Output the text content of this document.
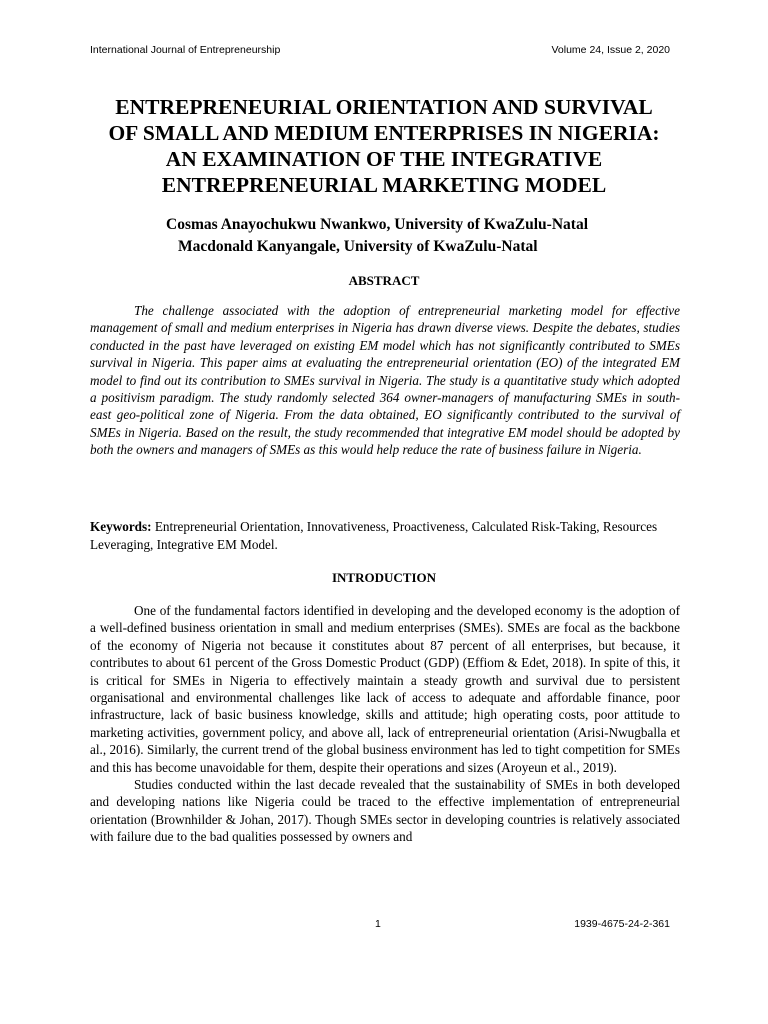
International Journal of Entrepreneurship	Volume 24, Issue 2, 2020
ENTREPRENEURIAL ORIENTATION AND SURVIVAL
OF SMALL AND MEDIUM ENTERPRISES IN NIGERIA:
AN EXAMINATION OF THE INTEGRATIVE
ENTREPRENEURIAL MARKETING MODEL
Cosmas Anayochukwu Nwankwo, University of KwaZulu-Natal
Macdonald Kanyangale, University of KwaZulu-Natal
ABSTRACT

The challenge associated with the adoption of entrepreneurial marketing model for effective management of small and medium enterprises in Nigeria has drawn diverse views. Despite the debates, studies conducted in the past have leveraged on existing EM model which has not significantly contributed to SMEs survival in Nigeria. This paper aims at evaluating the entrepreneurial orientation (EO) of the integrated EM model to find out its contribution to SMEs survival in Nigeria. The study is a quantitative study which adopted a positivism paradigm. The study randomly selected 364 owner-managers of manufacturing SMEs in south-east geo-political zone of Nigeria. From the data obtained, EO significantly contributed to the survival of SMEs in Nigeria. Based on the result, the study recommended that integrative EM model should be adopted by both the owners and managers of SMEs as this would help reduce the rate of business failure in Nigeria.

Keywords: Entrepreneurial Orientation, Innovativeness, Proactiveness, Calculated Risk-Taking, Resources Leveraging, Integrative EM Model.

INTRODUCTION

One of the fundamental factors identified in developing and the developed economy is the adoption of a well-defined business orientation in small and medium enterprises (SMEs). SMEs are focal as the backbone of the economy of Nigeria not because it constitutes about 87 percent of all enterprises, but because, it contributes to about 61 percent of the Gross Domestic Product (GDP) (Effiom & Edet, 2018). In spite of this, it is critical for SMEs in Nigeria to effectively maintain a steady growth and survival due to persistent organisational and environmental challenges like lack of access to adequate and affordable finance, poor infrastructure, lack of basic business knowledge, skills and attitude; high operating costs, poor attitude to marketing activities, government policy, and above all, lack of entrepreneurial orientation (Arisi-Nwugballa et al., 2016). Similarly, the current trend of the global business environment has led to tight competition for SMEs and this has become unavoidable for them, despite their operations and sizes (Aroyeun et al., 2019).

Studies conducted within the last decade revealed that the sustainability of SMEs in both developed and developing nations like Nigeria could be traced to the effective implementation of entrepreneurial orientation (Brownhilder & Johan, 2017). Though SMEs sector in developing countries is relatively associated with failure due to the bad qualities possessed by owners and

1	1939-4675-24-2-361
